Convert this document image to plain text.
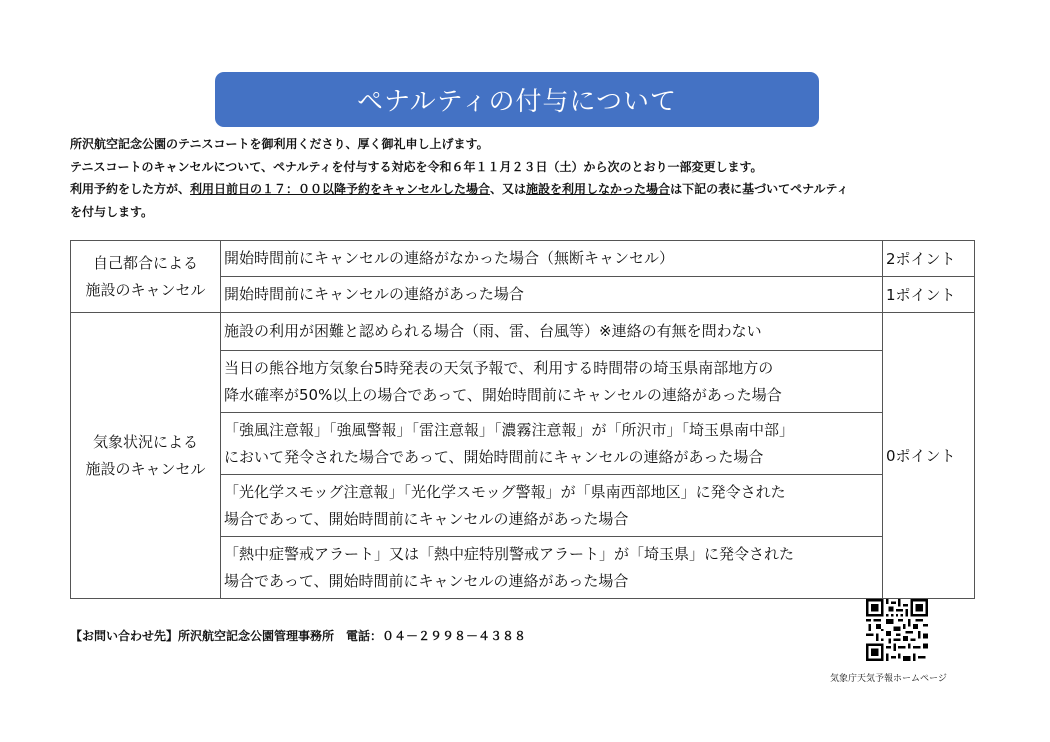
ペナルティの付与について

所沢航空記念公園のテニスコートを御利用くださり、厚く御礼申し上げます。

テニスコートのキャンセルについて、ペナルティを付与する対応を令和６年１１月２３日（土）から次のとおり一部変更します。

利用予約をした方が、利用日前日の１７：００以降予約をキャンセルした場合、又は施設を利用しなかった場合は下記の表に基づいてペナルティ

を付与します。

自己都合による
施設のキャンセル	開始時間前にキャンセルの連絡がなかった場合（無断キャンセル）	2ポイント
	開始時間前にキャンセルの連絡があった場合	1ポイント
気象状況による
施設のキャンセル	施設の利用が困難と認められる場合（雨、雷、台風等）※連絡の有無を問わない	0ポイント
	当日の熊谷地方気象台5時発表の天気予報で、利用する時間帯の埼玉県南部地方の
降水確率が50%以上の場合であって、開始時間前にキャンセルの連絡があった場合	
	「強風注意報」「強風警報」「雷注意報」「濃霧注意報」が「所沢市」「埼玉県南中部」
において発令された場合であって、開始時間前にキャンセルの連絡があった場合	
	「光化学スモッグ注意報」「光化学スモッグ警報」が「県南西部地区」に発令された
場合であって、開始時間前にキャンセルの連絡があった場合	
	「熱中症警戒アラート」又は「熱中症特別警戒アラート」が「埼玉県」に発令された
場合であって、開始時間前にキャンセルの連絡があった場合	
【お問い合わせ先】所沢航空記念公園管理事務所　電話：０４－２９９８－４３８８
気象庁天気予報ホームページ
